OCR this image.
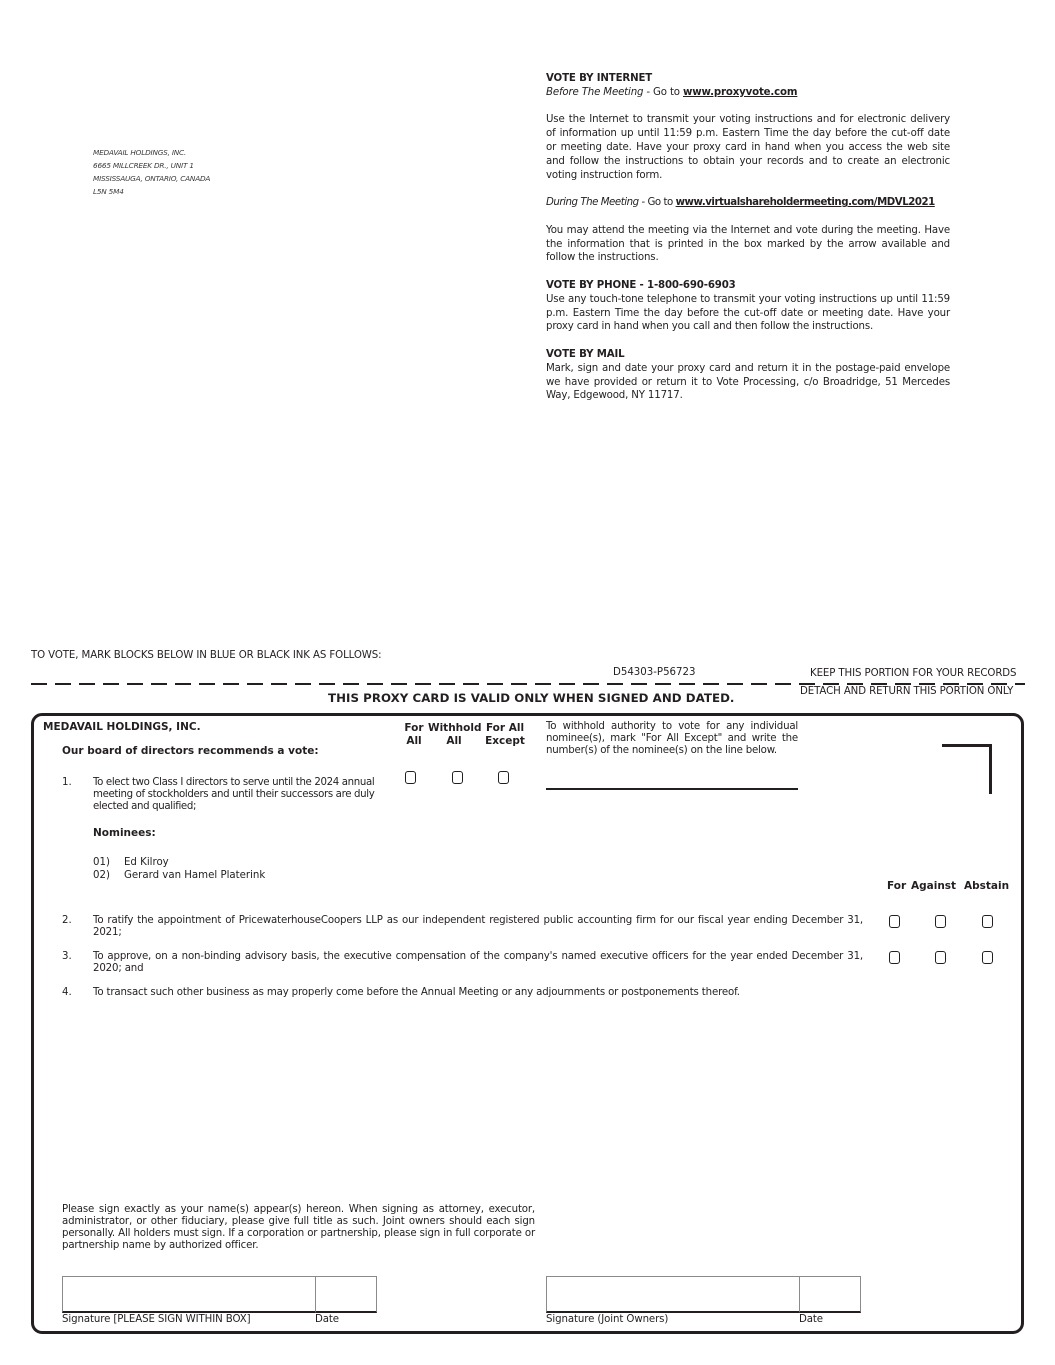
MEDAVAIL HOLDINGS, INC.
6665 MILLCREEK DR., UNIT 1
MISSISSAUGA, ONTARIO, CANADA
L5N 5M4
VOTE BY INTERNET
Before The Meeting - Go to www.proxyvote.com
Use the Internet to transmit your voting instructions and for electronic delivery of information up until 11:59 p.m. Eastern Time the day before the cut-off date or meeting date. Have your proxy card in hand when you access the web site and follow the instructions to obtain your records and to create an electronic voting instruction form.
During The Meeting - Go to www.virtualshareholdermeeting.com/MDVL2021
You may attend the meeting via the Internet and vote during the meeting. Have the information that is printed in the box marked by the arrow available and follow the instructions.
VOTE BY PHONE - 1-800-690-6903
Use any touch-tone telephone to transmit your voting instructions up until 11:59 p.m. Eastern Time the day before the cut-off date or meeting date. Have your proxy card in hand when you call and then follow the instructions.
VOTE BY MAIL
Mark, sign and date your proxy card and return it in the postage-paid envelope we have provided or return it to Vote Processing, c/o Broadridge, 51 Mercedes Way, Edgewood, NY 11717.
TO VOTE, MARK BLOCKS BELOW IN BLUE OR BLACK INK AS FOLLOWS:
D54303-P56723	KEEP THIS PORTION FOR YOUR RECORDS
DETACH AND RETURN THIS PORTION ONLY
THIS PROXY CARD IS VALID ONLY WHEN SIGNED AND DATED.
MEDAVAIL HOLDINGS, INC.
Our board of directors recommends a vote:
For
All
Withhold
All
For All
Except
To withhold authority to vote for any individual nominee(s), mark "For All Except" and write the number(s) of the nominee(s) on the line below.
1. To elect two Class I directors to serve until the 2024 annual meeting of stockholders and until their successors are duly elected and qualified;
Nominees:
01) Ed Kilroy
02) Gerard van Hamel Platerink
For Against Abstain
2. To ratify the appointment of PricewaterhouseCoopers LLP as our independent registered public accounting firm for our fiscal year ending December 31, 2021;
3. To approve, on a non-binding advisory basis, the executive compensation of the company's named executive officers for the year ended December 31, 2020; and
4. To transact such other business as may properly come before the Annual Meeting or any adjournments or postponements thereof.
Please sign exactly as your name(s) appear(s) hereon. When signing as attorney, executor, administrator, or other fiduciary, please give full title as such. Joint owners should each sign personally. All holders must sign. If a corporation or partnership, please sign in full corporate or partnership name by authorized officer.
Signature [PLEASE SIGN WITHIN BOX]	Date	Signature (Joint Owners)	Date
